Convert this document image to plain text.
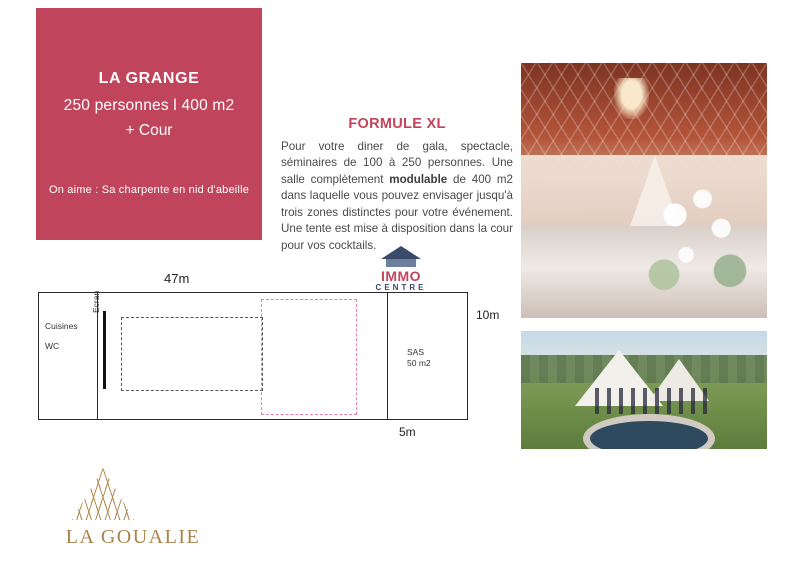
LA GRANGE
250 personnes l 400 m2
+ Cour
On aime : Sa charpente en nid d'abeille
FORMULE XL
Pour votre diner de gala, spectacle, séminaires de 100 à 250 personnes. Une salle complètement modulable de 400 m2 dans laquelle vous pouvez envisager jusqu'à trois zones distinctes pour votre événement. Une tente est mise à disposition dans la cour pour vos cocktails.
47m
10m
5m
Cuisines
WC
Ecran
SAS
50 m2
IMMO
CENTRE
LA GOUALIE
